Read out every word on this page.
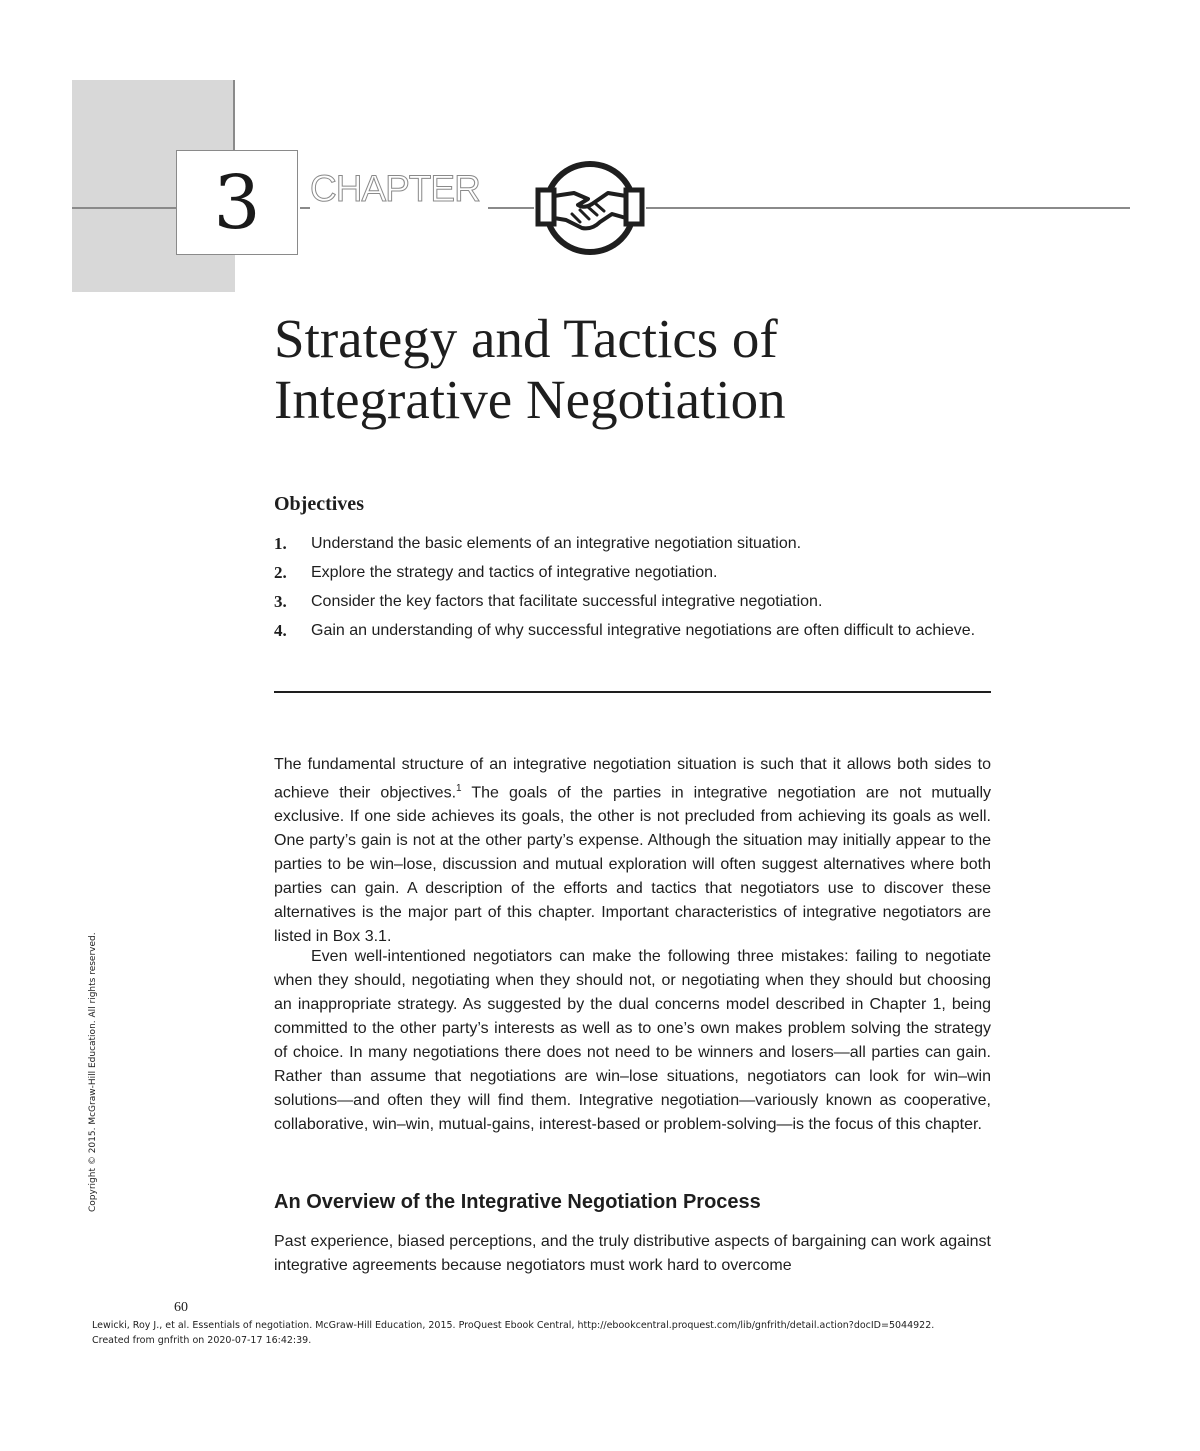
3	CHAPTER
Strategy and Tactics of
Integrative Negotiation
Objectives
1. Understand the basic elements of an integrative negotiation situation.
2. Explore the strategy and tactics of integrative negotiation.
3. Consider the key factors that facilitate successful integrative negotiation.
4. Gain an understanding of why successful integrative negotiations are often difficult to achieve.

The fundamental structure of an integrative negotiation situation is such that it allows both sides to achieve their objectives.$^1$ The goals of the parties in integrative negotiation are not mutually exclusive. If one side achieves its goals, the other is not precluded from achieving its goals as well. One party’s gain is not at the other party’s expense. Although the situation may initially appear to the parties to be win–lose, discussion and mutual exploration will often suggest alternatives where both parties can gain. A description of the efforts and tactics that negotiators use to discover these alternatives is the major part of this chapter. Important characteristics of integrative negotiators are listed in Box 3.1.

Even well-intentioned negotiators can make the following three mistakes: failing to negotiate when they should, negotiating when they should not, or negotiating when they should but choosing an inappropriate strategy. As suggested by the dual concerns model described in Chapter 1, being committed to the other party’s interests as well as to one’s own makes problem solving the strategy of choice. In many negotiations there does not need to be winners and losers—all parties can gain. Rather than assume that negotiations are win–lose situations, negotiators can look for win–win solutions—and often they will find them. Integrative negotiation—variously known as cooperative, collaborative, win–win, mutual-gains, interest-based or problem-solving—is the focus of this chapter.

An Overview of the Integrative Negotiation Process

Past experience, biased perceptions, and the truly distributive aspects of bargaining can work against integrative agreements because negotiators must work hard to overcome

60
Lewicki, Roy J., et al. Essentials of negotiation. McGraw-Hill Education, 2015. ProQuest Ebook Central, http://ebookcentral.proquest.com/lib/gnfrith/detail.action?docID=5044922.
Created from gnfrith on 2020-07-17 16:42:39.
Copyright © 2015. McGraw-Hill Education. All rights reserved.
